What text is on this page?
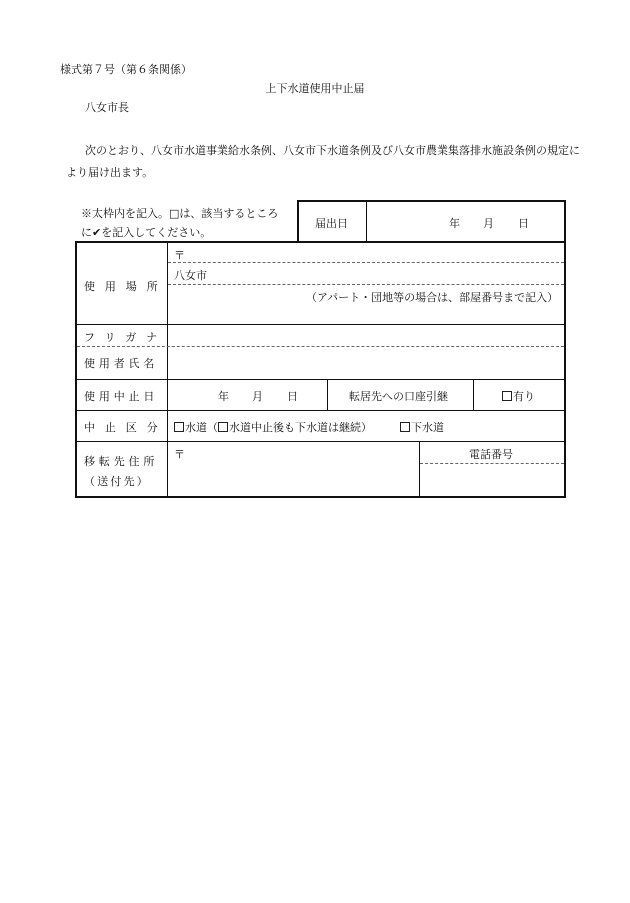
様式第７号（第６条関係）
上下水道使用中止届
八女市長
次のとおり、八女市水道事業給水条例、八女市下水道条例及び八女市農業集落排水施設条例の規定により届け出ます。
※太枠内を記入。□は、該当するところ
に✔を記入してください。
届出日	年 月 日
使用場所
〒
八女市
（アパート・団地等の場合は、部屋番号まで記入）
フリガナ
使用者氏名
使用中止日	年 月 日	転居先への口座引継	有り
中止区分	水道（ 水道中止後も下水道は継続）	下水道
移転先住所
（送付先）
〒	電話番号
